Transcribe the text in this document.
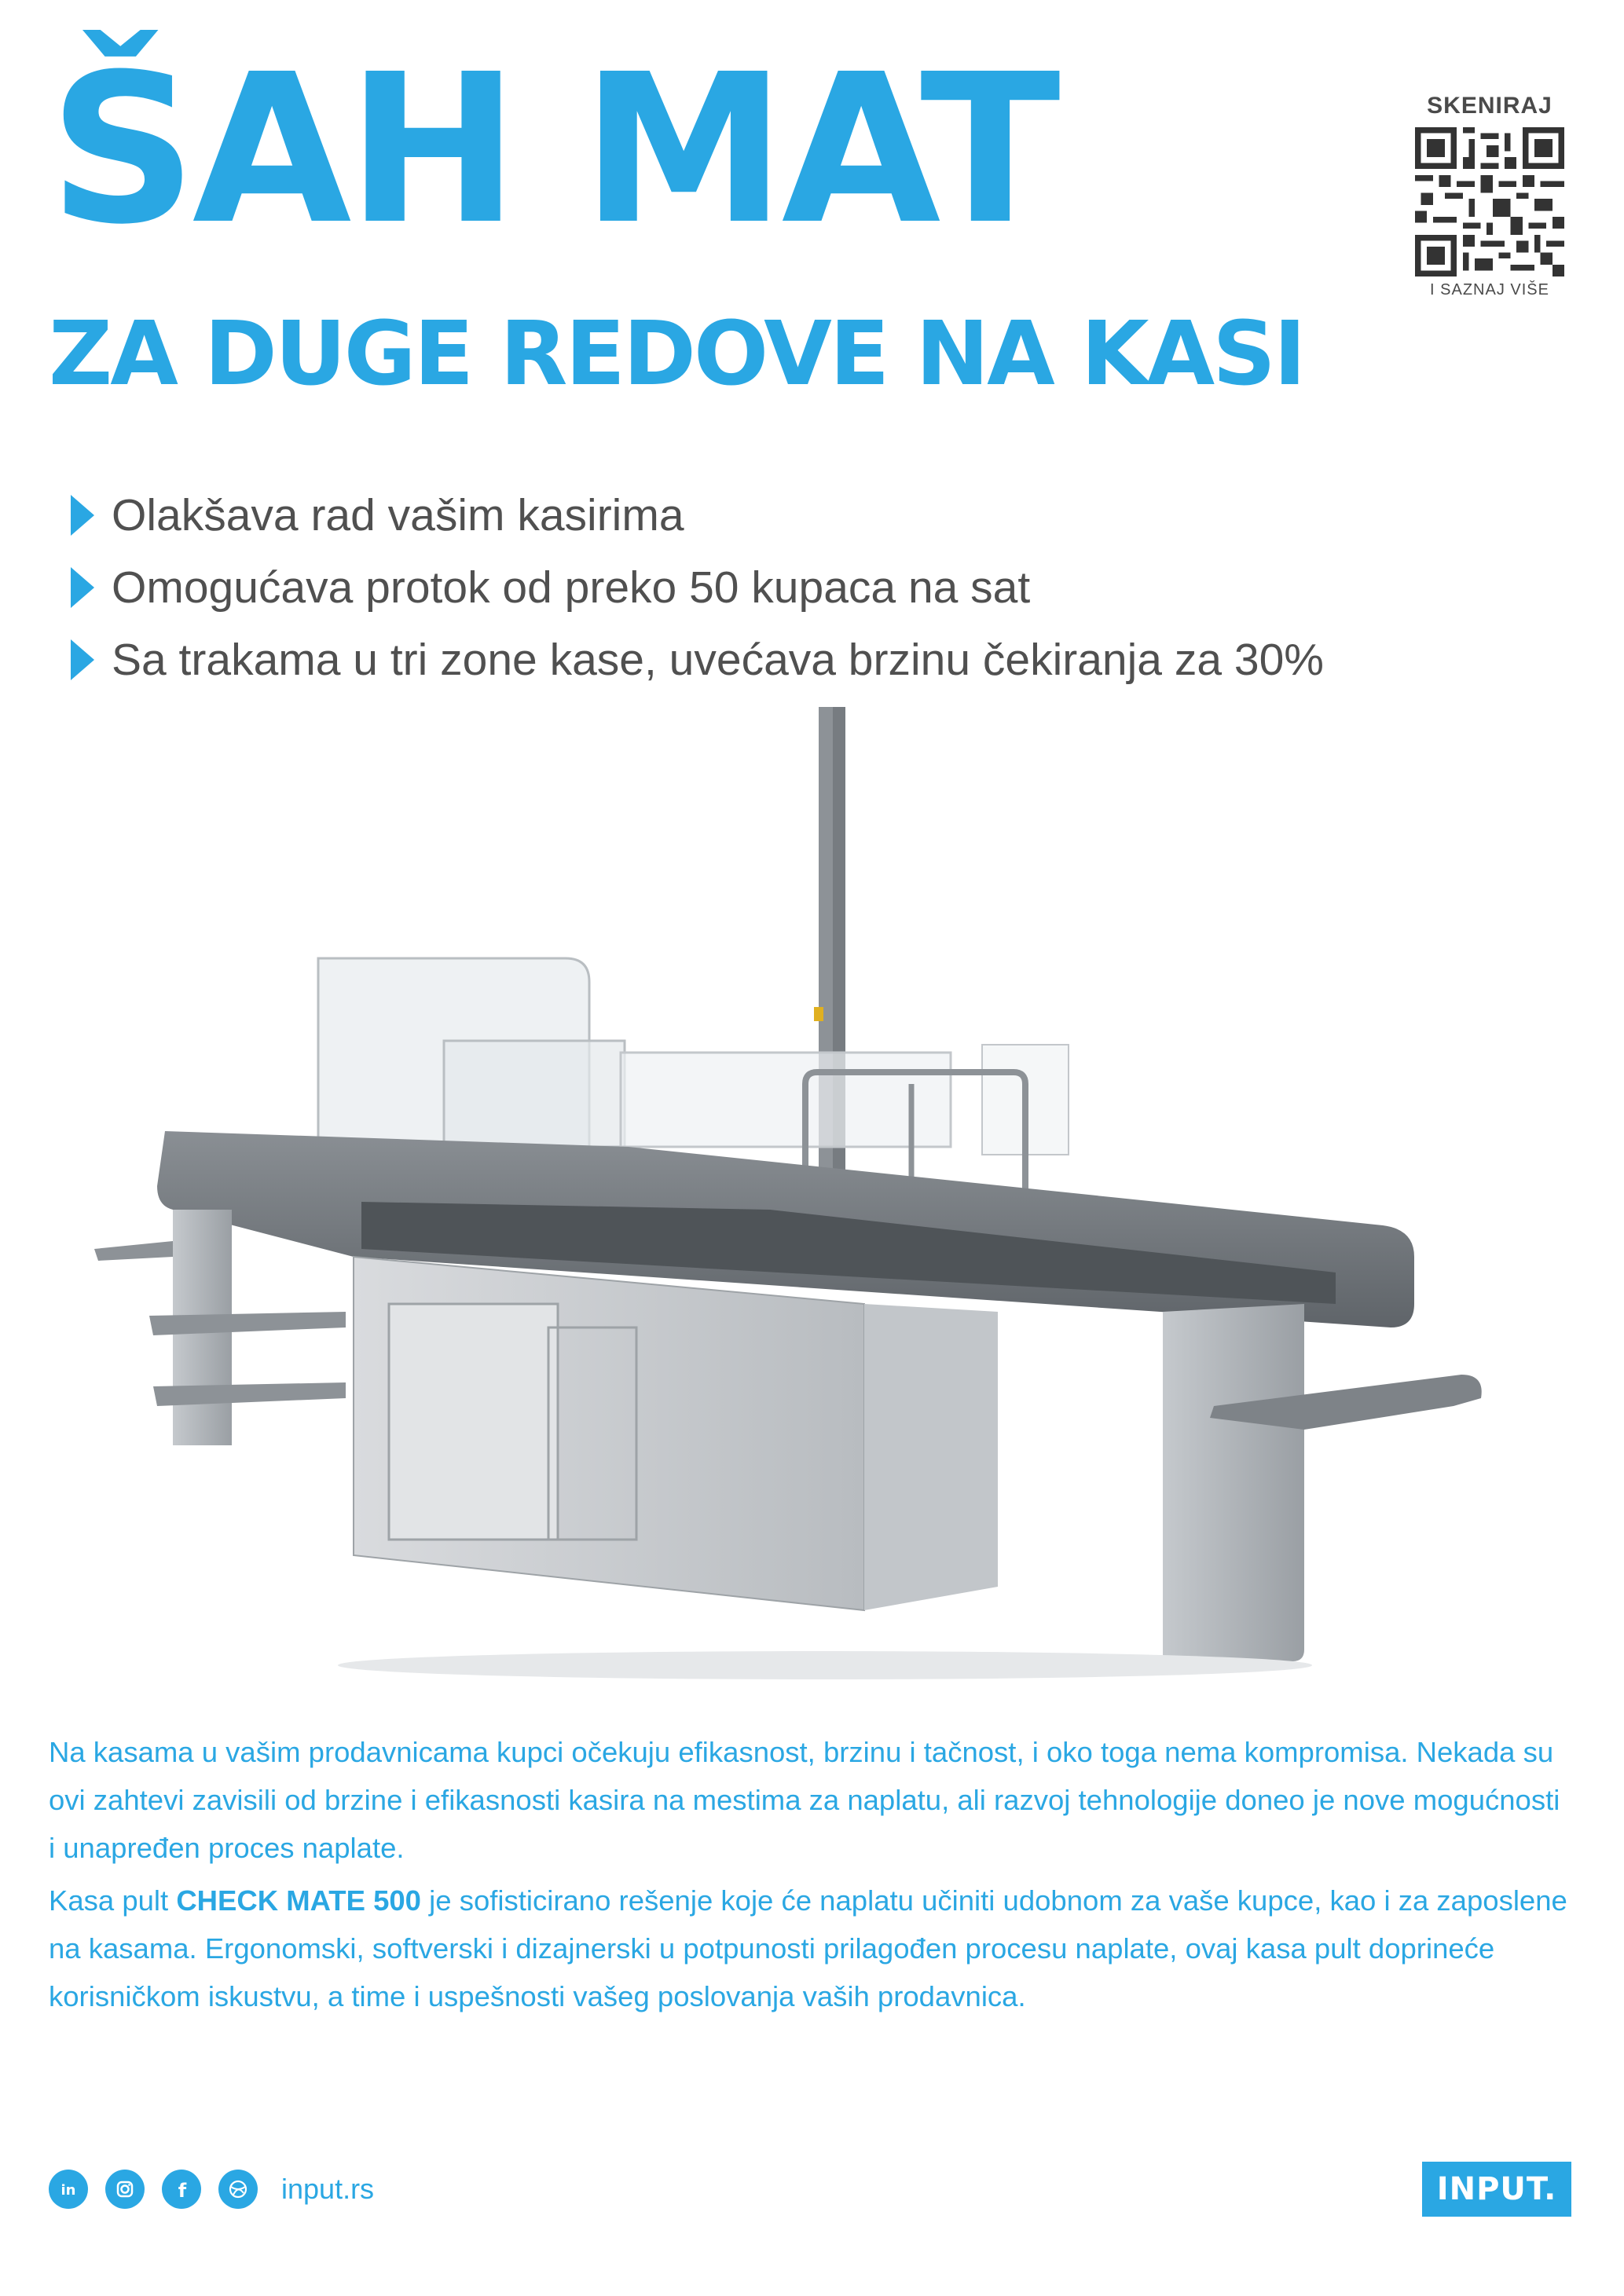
ŠAH MAT
ZA DUGE REDOVE NA KASI
SKENIRAJ
I SAZNAJ VIŠE
Olakšava rad vašim kasirima
Omogućava protok od preko 50 kupaca na sat
Sa trakama u tri zone kase, uvećava brzinu čekiranja za 30%

Na kasama u vašim prodavnicama kupci očekuju efikasnost, brzinu i tačnost, i oko toga nema kompromisa. Nekada su ovi zahtevi zavisili od brzine i efikasnosti kasira na mestima za naplatu, ali razvoj tehnologije doneo je nove mogućnosti i unapređen proces naplate.

Kasa pult CHECK MATE 500 je sofisticirano rešenje koje će naplatu učiniti udobnom za vaše kupce, kao i za zaposlene na kasama. Ergonomski, softverski i dizajnerski u potpunosti prilagođen procesu naplate, ovaj kasa pult doprineće korisničkom iskustvu, a time i uspešnosti vašeg poslovanja vaših prodavnica.

in	f	input.rs	INPUT.
